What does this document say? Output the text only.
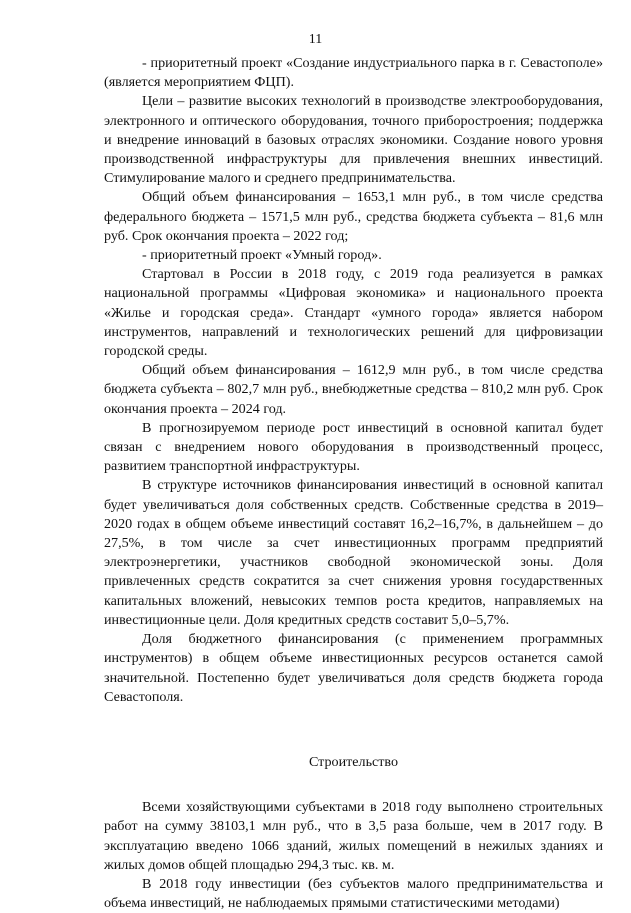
11

- приоритетный проект «Создание индустриального парка в г. Севастополе» (является мероприятием ФЦП).

Цели – развитие высоких технологий в производстве электрооборудования, электронного и оптического оборудования, точного приборостроения; поддержка и внедрение инноваций в базовых отраслях экономики. Создание нового уровня производственной инфраструктуры для привлечения внешних инвестиций. Стимулирование малого и среднего предпринимательства.

Общий объем финансирования – 1653,1 млн руб., в том числе средства федерального бюджета – 1571,5 млн руб., средства бюджета субъекта – 81,6 млн руб. Срок окончания проекта – 2022 год;

- приоритетный проект «Умный город».

Стартовал в России в 2018 году, с 2019 года реализуется в рамках национальной программы «Цифровая экономика» и национального проекта «Жилье и городская среда». Стандарт «умного города» является набором инструментов, направлений и технологических решений для цифровизации городской среды.

Общий объем финансирования – 1612,9 млн руб., в том числе средства бюджета субъекта – 802,7 млн руб., внебюджетные средства – 810,2 млн руб. Срок окончания проекта – 2024 год.

В прогнозируемом периоде рост инвестиций в основной капитал будет связан с внедрением нового оборудования в производственный процесс, развитием транспортной инфраструктуры.

В структуре источников финансирования инвестиций в основной капитал будет увеличиваться доля собственных средств. Собственные средства в 2019–2020 годах в общем объеме инвестиций составят 16,2–16,7%, в дальнейшем – до 27,5%, в том числе за счет инвестиционных программ предприятий электроэнергетики, участников свободной экономической зоны. Доля привлеченных средств сократится за счет снижения уровня государственных капитальных вложений, невысоких темпов роста кредитов, направляемых на инвестиционные цели. Доля кредитных средств составит 5,0–5,7%.

Доля бюджетного финансирования (с применением программных инструментов) в общем объеме инвестиционных ресурсов останется самой значительной. Постепенно будет увеличиваться доля средств бюджета города Севастополя.

Строительство

Всеми хозяйствующими субъектами в 2018 году выполнено строительных работ на сумму 38103,1 млн руб., что в 3,5 раза больше, чем в 2017 году. В эксплуатацию введено 1066 зданий, жилых помещений в нежилых зданиях и жилых домов общей площадью 294,3 тыс. кв. м.

В 2018 году инвестиции (без субъектов малого предпринимательства и объема инвестиций, не наблюдаемых прямыми статистическими методами)
